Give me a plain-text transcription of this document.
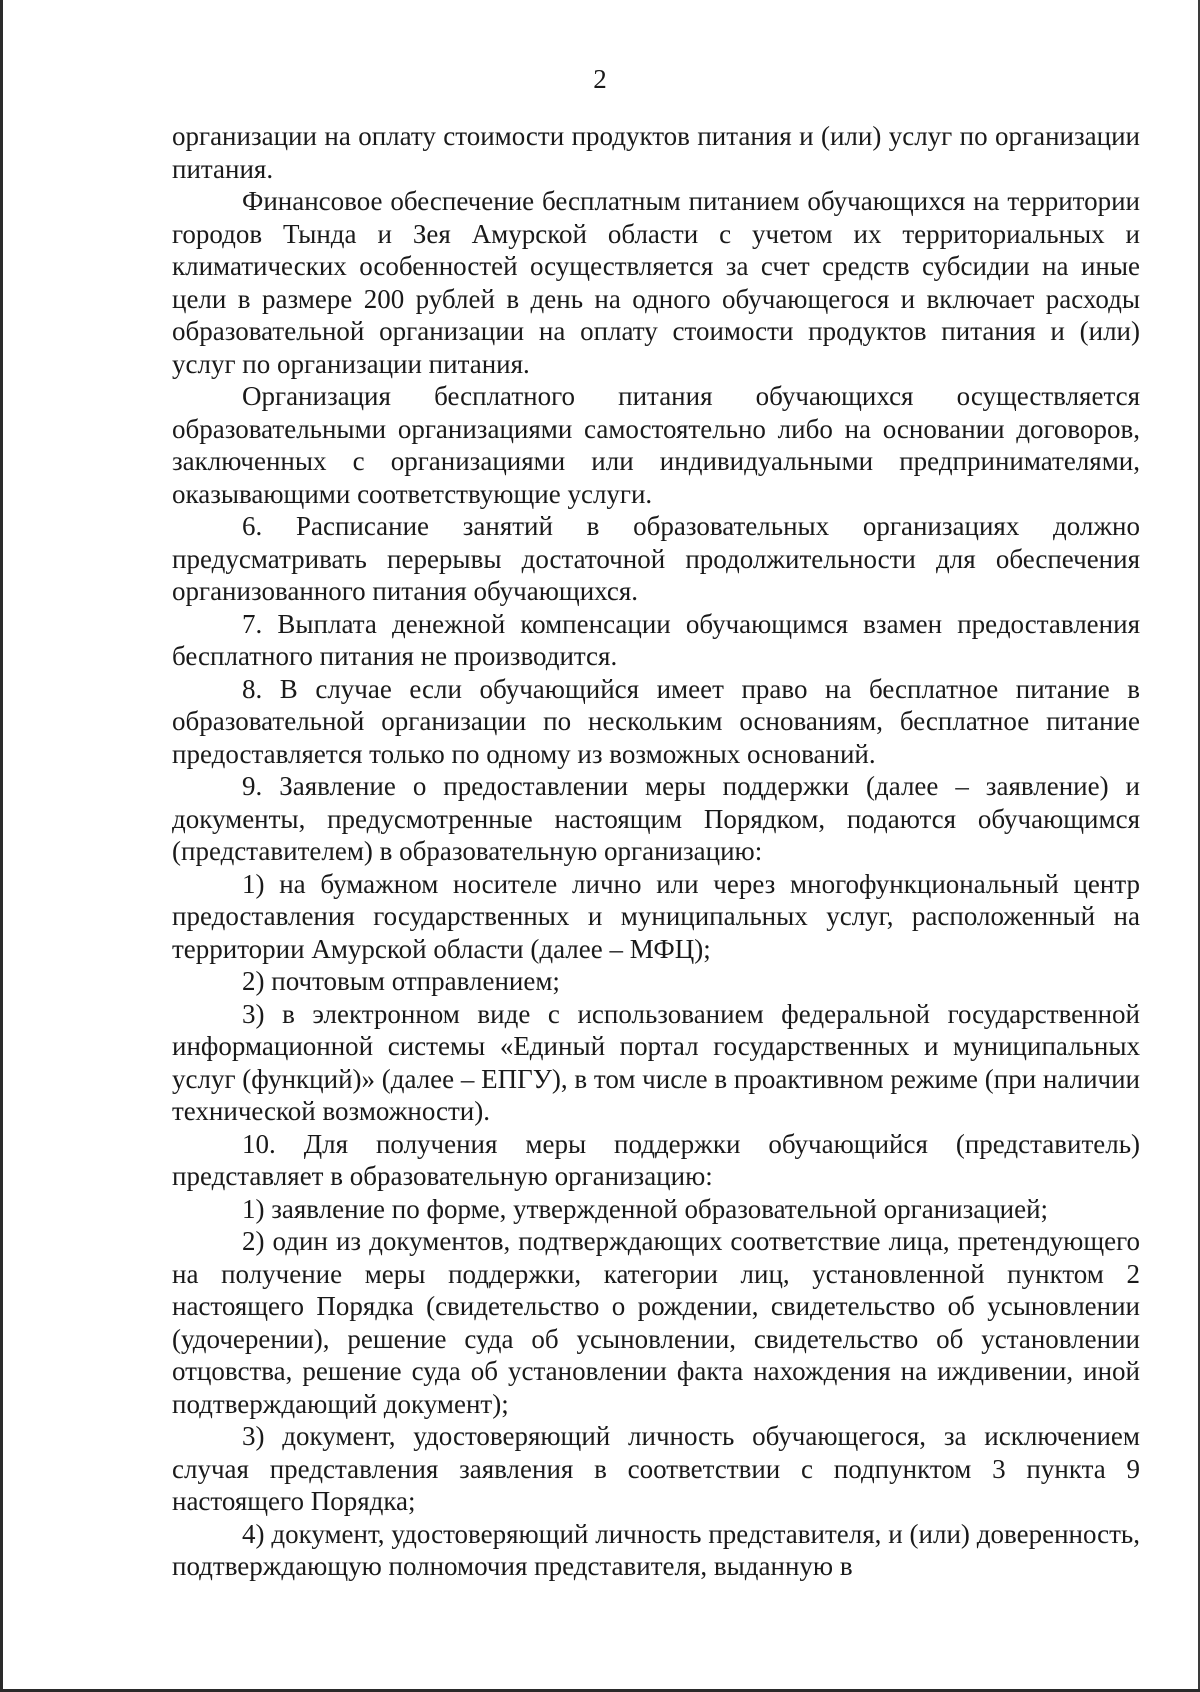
2

организации на оплату стоимости продуктов питания и (или) услуг по организации питания.

Финансовое обеспечение бесплатным питанием обучающихся на территории городов Тында и Зея Амурской области с учетом их территориальных и климатических особенностей осуществляется за счет средств субсидии на иные цели в размере 200 рублей в день на одного обучающегося и включает расходы образовательной организации на оплату стоимости продуктов питания и (или) услуг по организации питания.

Организация бесплатного питания обучающихся осуществляется образовательными организациями самостоятельно либо на основании договоров, заключенных с организациями или индивидуальными предпринимателями, оказывающими соответствующие услуги.

6. Расписание занятий в образовательных организациях должно предусматривать перерывы достаточной продолжительности для обеспечения организованного питания обучающихся.

7. Выплата денежной компенсации обучающимся взамен предоставления бесплатного питания не производится.

8. В случае если обучающийся имеет право на бесплатное питание в образовательной организации по нескольким основаниям, бесплатное питание предоставляется только по одному из возможных оснований.

9. Заявление о предоставлении меры поддержки (далее – заявление) и документы, предусмотренные настоящим Порядком, подаются обучающимся (представителем) в образовательную организацию:

1) на бумажном носителе лично или через многофункциональный центр предоставления государственных и муниципальных услуг, расположенный на территории Амурской области (далее – МФЦ);

2) почтовым отправлением;

3) в электронном виде с использованием федеральной государственной информационной системы «Единый портал государственных и муниципальных услуг (функций)» (далее – ЕПГУ), в том числе в проактивном режиме (при наличии технической возможности).

10. Для получения меры поддержки обучающийся (представитель) представляет в образовательную организацию:

1) заявление по форме, утвержденной образовательной организацией;

2) один из документов, подтверждающих соответствие лица, претендующего на получение меры поддержки, категории лиц, установленной пунктом 2 настоящего Порядка (свидетельство о рождении, свидетельство об усыновлении (удочерении), решение суда об усыновлении, свидетельство об установлении отцовства, решение суда об установлении факта нахождения на иждивении, иной подтверждающий документ);

3) документ, удостоверяющий личность обучающегося, за исключением случая представления заявления в соответствии с подпунктом 3 пункта 9 настоящего Порядка;

4) документ, удостоверяющий личность представителя, и (или) доверенность, подтверждающую полномочия представителя, выданную в
